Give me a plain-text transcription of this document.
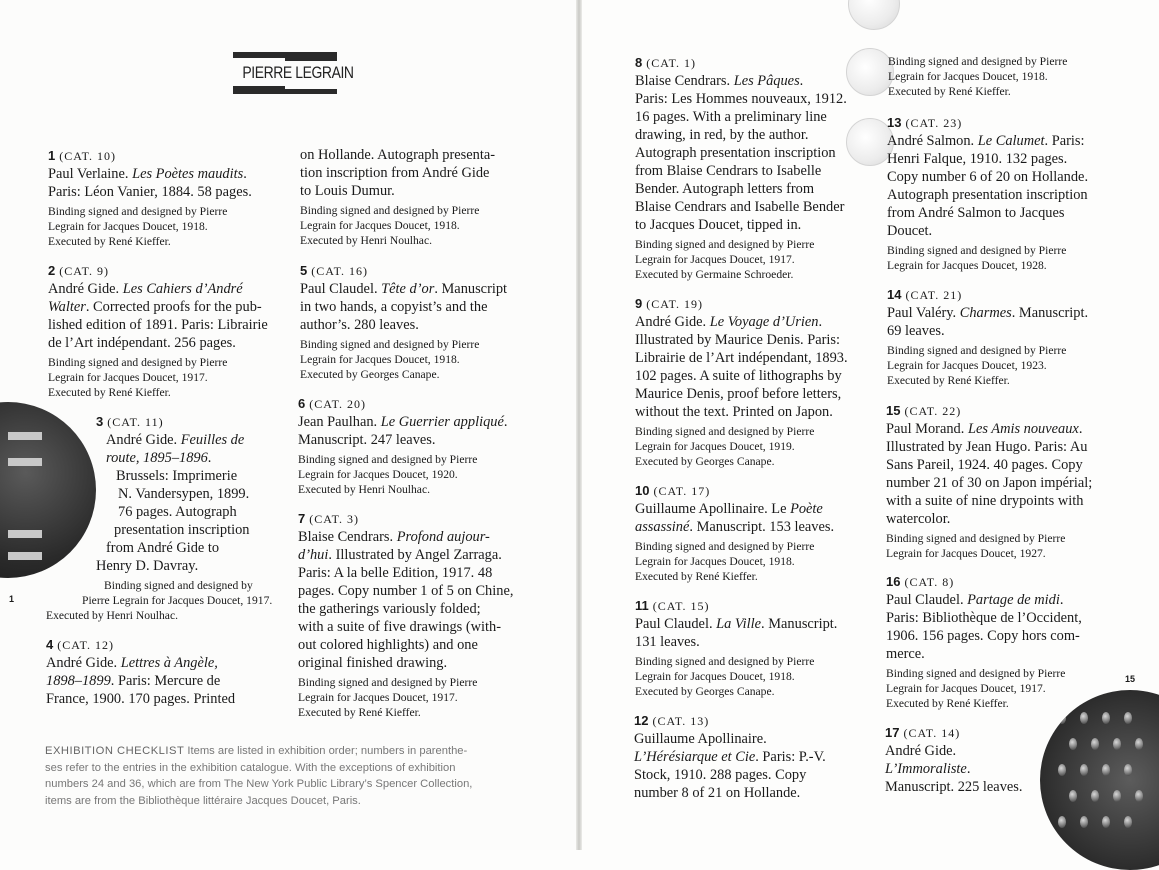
PIERRE LEGRAIN
1 (CAT. 10)
Paul Verlaine. Les Poètes maudits.
Paris: Léon Vanier, 1884. 58 pages.
Binding signed and designed by Pierre
Legrain for Jacques Doucet, 1918.
Executed by René Kieffer.
2 (CAT. 9)
André Gide. Les Cahiers d’André
Walter. Corrected proofs for the pub-
lished edition of 1891. Paris: Librairie
de l’Art indépendant. 256 pages.
Binding signed and designed by Pierre
Legrain for Jacques Doucet, 1917.
Executed by René Kieffer.
3 (CAT. 11)
André Gide. Feuilles de
route, 1895–1896.
Brussels: Imprimerie
N. Vandersypen, 1899.
76 pages. Autograph
presentation inscription
from André Gide to
Henry D. Davray.
Binding signed and designed by
Pierre Legrain for Jacques Doucet, 1917.
Executed by Henri Noulhac.
4 (CAT. 12)
André Gide. Lettres à Angèle,
1898–1899. Paris: Mercure de
France, 1900. 170 pages. Printed
on Hollande. Autograph presenta-
tion inscription from André Gide
to Louis Dumur.
Binding signed and designed by Pierre
Legrain for Jacques Doucet, 1918.
Executed by Henri Noulhac.
5 (CAT. 16)
Paul Claudel. Tête d’or. Manuscript
in two hands, a copyist’s and the
author’s. 280 leaves.
Binding signed and designed by Pierre
Legrain for Jacques Doucet, 1918.
Executed by Georges Canape.
6 (CAT. 20)
Jean Paulhan. Le Guerrier appliqué.
Manuscript. 247 leaves.
Binding signed and designed by Pierre
Legrain for Jacques Doucet, 1920.
Executed by Henri Noulhac.
7 (CAT. 3)
Blaise Cendrars. Profond aujour-
d’hui. Illustrated by Angel Zarraga.
Paris: A la belle Edition, 1917. 48
pages. Copy number 1 of 5 on Chine,
the gatherings variously folded;
with a suite of five drawings (with-
out colored highlights) and one
original finished drawing.
Binding signed and designed by Pierre
Legrain for Jacques Doucet, 1917.
Executed by René Kieffer.
8 (CAT. 1)
Blaise Cendrars. Les Pâques.
Paris: Les Hommes nouveaux, 1912.
16 pages. With a preliminary line
drawing, in red, by the author.
Autograph presentation inscription
from Blaise Cendrars to Isabelle
Bender. Autograph letters from
Blaise Cendrars and Isabelle Bender
to Jacques Doucet, tipped in.
Binding signed and designed by Pierre
Legrain for Jacques Doucet, 1917.
Executed by Germaine Schroeder.
9 (CAT. 19)
André Gide. Le Voyage d’Urien.
Illustrated by Maurice Denis. Paris:
Librairie de l’Art indépendant, 1893.
102 pages. A suite of lithographs by
Maurice Denis, proof before letters,
without the text. Printed on Japon.
Binding signed and designed by Pierre
Legrain for Jacques Doucet, 1919.
Executed by Georges Canape.
10 (CAT. 17)
Guillaume Apollinaire. Le Poète
assassiné. Manuscript. 153 leaves.
Binding signed and designed by Pierre
Legrain for Jacques Doucet, 1918.
Executed by René Kieffer.
11 (CAT. 15)
Paul Claudel. La Ville. Manuscript.
131 leaves.
Binding signed and designed by Pierre
Legrain for Jacques Doucet, 1918.
Executed by Georges Canape.
12 (CAT. 13)
Guillaume Apollinaire.
L’Hérésiarque et Cie. Paris: P.-V.
Stock, 1910. 288 pages. Copy
number 8 of 21 on Hollande.
Binding signed and designed by Pierre
Legrain for Jacques Doucet, 1918.
Executed by René Kieffer.
13 (CAT. 23)
André Salmon. Le Calumet. Paris:
Henri Falque, 1910. 132 pages.
Copy number 6 of 20 on Hollande.
Autograph presentation inscription
from André Salmon to Jacques
Doucet.
Binding signed and designed by Pierre
Legrain for Jacques Doucet, 1928.
14 (CAT. 21)
Paul Valéry. Charmes. Manuscript.
69 leaves.
Binding signed and designed by Pierre
Legrain for Jacques Doucet, 1923.
Executed by René Kieffer.
15 (CAT. 22)
Paul Morand. Les Amis nouveaux.
Illustrated by Jean Hugo. Paris: Au
Sans Pareil, 1924. 40 pages. Copy
number 21 of 30 on Japon impérial;
with a suite of nine drypoints with
watercolor.
Binding signed and designed by Pierre
Legrain for Jacques Doucet, 1927.
16 (CAT. 8)
Paul Claudel. Partage de midi.
Paris: Bibliothèque de l’Occident,
1906. 156 pages. Copy hors com-
merce.
Binding signed and designed by Pierre
Legrain for Jacques Doucet, 1917.
Executed by René Kieffer.
17 (CAT. 14)
André Gide.
L’Immoraliste.
Manuscript. 225 leaves.
EXHIBITION CHECKLIST Items are listed in exhibition order; numbers in parenthe-
ses refer to the entries in the exhibition catalogue. With the exceptions of exhibition
numbers 24 and 36, which are from The New York Public Library’s Spencer Collection,
items are from the Bibliothèque littéraire Jacques Doucet, Paris.
1
15
